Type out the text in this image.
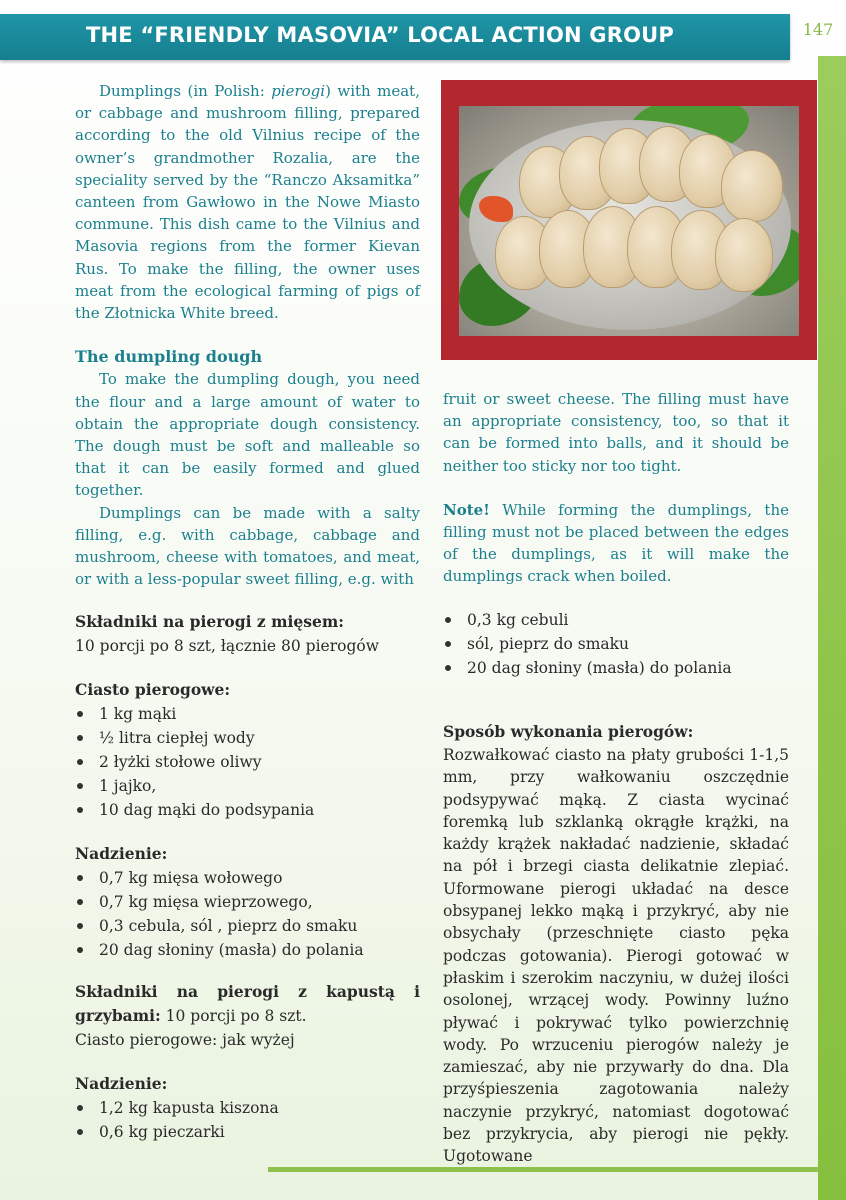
THE “FRIENDLY MASOVIA” LOCAL ACTION GROUP	147

Dumplings (in Polish: pierogi) with meat, or cabbage and mushroom filling, prepared according to the old Vilnius recipe of the owner’s grandmother Rozalia, are the speciality served by the “Ranczo Aksamitka” canteen from Gawłowo in the Nowe Miasto commune. This dish came to the Vilnius and Masovia regions from the former Kievan Rus. To make the filling, the owner uses meat from the ecological farming of pigs of the Złotnicka White breed.

The dumpling dough

To make the dumpling dough, you need the flour and a large amount of water to obtain the appropriate dough consistency. The dough must be soft and malleable so that it can be easily formed and glued together.

Dumplings can be made with a salty filling, e.g. with cabbage, cabbage and mushroom, cheese with tomatoes, and meat, or with a less-popular sweet filling, e.g. with

fruit or sweet cheese. The filling must have an appropriate consistency, too, so that it can be formed into balls, and it should be neither too sticky nor too tight.

Note! While forming the dumplings, the filling must not be placed between the edges of the dumplings, as it will make the dumplings crack when boiled.

Składniki na pierogi z mięsem:
10 porcji po 8 szt, łącznie 80 pierogów
Ciasto pierogowe:
1 kg mąki
½ litra ciepłej wody
2 łyżki stołowe oliwy
1 jajko,
10 dag mąki do podsypania
Nadzienie:
0,7 kg mięsa wołowego
0,7 kg mięsa wieprzowego,
0,3 cebula, sól , pieprz do smaku
20 dag słoniny (masła) do polania
Składniki na pierogi z kapustą i grzybami: 10 porcji po 8 szt.
Ciasto pierogowe: jak wyżej
Nadzienie:
1,2 kg kapusta kiszona
0,6 kg pieczarki
0,3 kg cebuli
sól, pieprz do smaku
20 dag słoniny (masła) do polania
Sposób wykonania pierogów:

Rozwałkować ciasto na płaty grubości 1-1,5 mm, przy wałkowaniu oszczędnie podsypywać mąką. Z ciasta wycinać foremką lub szklanką okrągłe krążki, na każdy krążek nakładać nadzienie, składać na pół i brzegi ciasta delikatnie zlepiać. Uformowane pierogi układać na desce obsypanej lekko mąką i przykryć, aby nie obsychały (przeschnięte ciasto pęka podczas gotowania). Pierogi gotować w płaskim i szerokim naczyniu, w dużej ilości osolonej, wrzącej wody. Powinny luźno pływać i pokrywać tylko powierzchnię wody. Po wrzuceniu pierogów należy je zamieszać, aby nie przywarły do dna. Dla przyśpieszenia zagotowania należy naczynie przykryć, natomiast dogotować bez przykrycia, aby pierogi nie pękły. Ugotowane
